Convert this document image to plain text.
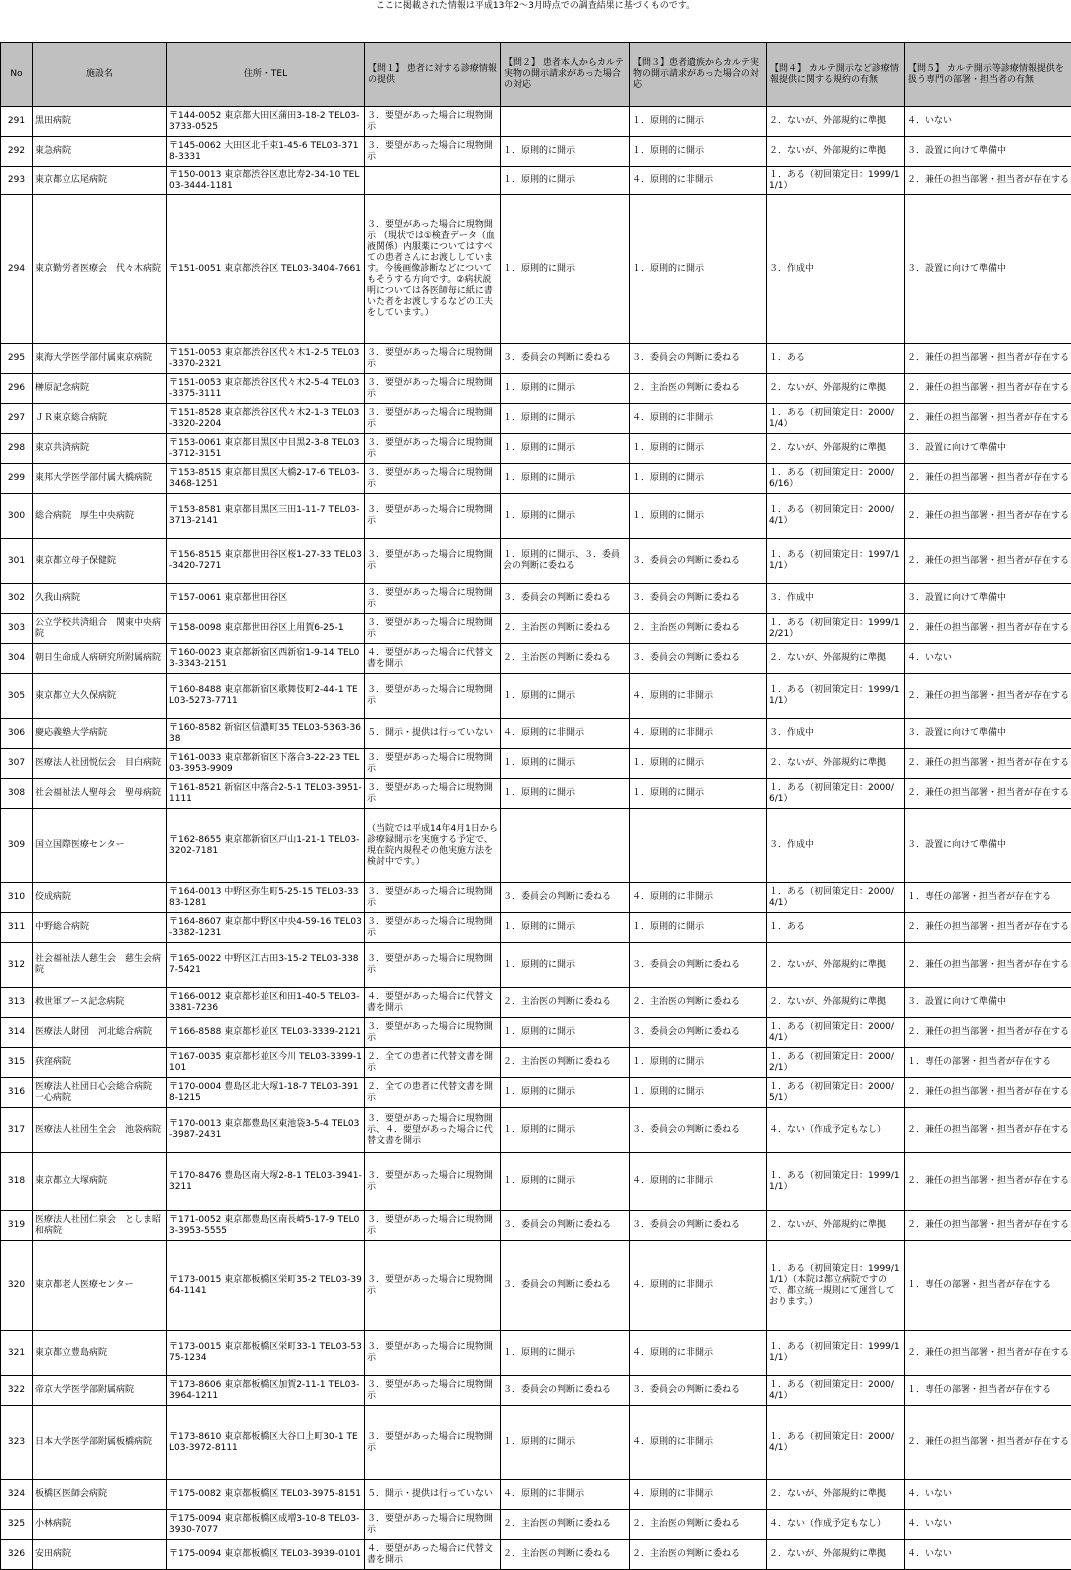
ここに掲載された情報は平成13年2～3月時点での調査結果に基づくものです。
No	施設名	住所・TEL	【問１】 患者に対する診療情報の提供	【問２】 患者本人からカルテ実物の開示請求があった場合の対応	【問３】患者遺族からカルテ実物の開示請求があった場合の対応	【問４】 カルテ開示など診療情報提供に関する規約の有無	【問５】 カルテ開示等診療情報提供を扱う専門の部署・担当者の有無
291	黒田病院	〒144-0052 東京都大田区蒲田3-18-2 TEL03-3733-0525	３．要望があった場合に現物開示		１．原則的に開示	２．ないが、外部規約に準拠	４．いない
292	東急病院	〒145-0062 大田区北千束1-45-6 TEL03-3718-3331	３．要望があった場合に現物開示	１．原則的に開示	１．原則的に開示	２．ないが、外部規約に準拠	３．設置に向けて準備中
293	東京都立広尾病院	〒150-0013 東京都渋谷区恵比寿2-34-10 TEL03-3444-1181		１．原則的に開示	４．原則的に非開示	１．ある（初回策定日：1999/11/1）	２．兼任の担当部署・担当者が存在する
294	東京勤労者医療会　代々木病院	〒151-0051 東京都渋谷区 TEL03-3404-7661	３．要望があった場合に現物開示 （現状では①検査データ（血液関係）内服薬についてはすべての患者さんにお渡ししています。今後画像診断などについてもそうする方向です。②病状説明については各医師毎に紙に書いた者をお渡しするなどの工夫をしています。）	１．原則的に開示	１．原則的に開示	３．作成中	３．設置に向けて準備中
295	東海大学医学部付属東京病院	〒151-0053 東京都渋谷区代々木1-2-5 TEL03-3370-2321	３．要望があった場合に現物開示	３．委員会の判断に委ねる	３．委員会の判断に委ねる	１．ある	２．兼任の担当部署・担当者が存在する
296	榊原記念病院	〒151-0053 東京都渋谷区代々木2-5-4 TEL03-3375-3111	３．要望があった場合に現物開示	１．原則的に開示	２．主治医の判断に委ねる	２．ないが、外部規約に準拠	２．兼任の担当部署・担当者が存在する
297	ＪＲ東京総合病院	〒151-8528 東京都渋谷区代々木2-1-3 TEL03-3320-2204	３．要望があった場合に現物開示	１．原則的に開示	４．原則的に非開示	１．ある（初回策定日：2000/1/4）	２．兼任の担当部署・担当者が存在する
298	東京共済病院	〒153-0061 東京都目黒区中目黒2-3-8 TEL03-3712-3151	３．要望があった場合に現物開示	１．原則的に開示	１．原則的に開示	２．ないが、外部規約に準拠	３．設置に向けて準備中
299	東邦大学医学部付属大橋病院	〒153-8515 東京都目黒区大橋2-17-6 TEL03-3468-1251	３．要望があった場合に現物開示	１．原則的に開示	１．原則的に開示	１．ある（初回策定日：2000/6/16）	２．兼任の担当部署・担当者が存在する
300	総合病院　厚生中央病院	〒153-8581 東京都目黒区三田1-11-7 TEL03-3713-2141	３．要望があった場合に現物開示	１．原則的に開示	１．原則的に開示	１．ある（初回策定日：2000/4/1）	２．兼任の担当部署・担当者が存在する
301	東京都立母子保健院	〒156-8515 東京都世田谷区桜1-27-33 TEL03-3420-7271	３．要望があった場合に現物開示	１．原則的に開示、３．委員会の判断に委ねる	３．委員会の判断に委ねる	１．ある（初回策定日：1997/11/1）	２．兼任の担当部署・担当者が存在する
302	久我山病院	〒157-0061 東京都世田谷区	３．要望があった場合に現物開示	３．委員会の判断に委ねる	３．委員会の判断に委ねる	３．作成中	３．設置に向けて準備中
303	公立学校共済組合　関東中央病院	〒158-0098 東京都世田谷区上用賀6-25-1	３．要望があった場合に現物開示	２．主治医の判断に委ねる	２．主治医の判断に委ねる	１．ある（初回策定日：1999/12/21）	２．兼任の担当部署・担当者が存在する
304	朝日生命成人病研究所附属病院	〒160-0023 東京都新宿区西新宿1-9-14 TEL03-3343-2151	４．要望があった場合に代替文書を開示	２．主治医の判断に委ねる	３．委員会の判断に委ねる	２．ないが、外部規約に準拠	４．いない
305	東京都立大久保病院	〒160-8488 東京都新宿区歌舞伎町2-44-1 TEL03-5273-7711	３．要望があった場合に現物開示	１．原則的に開示	４．原則的に非開示	１．ある（初回策定日：1999/11/1）	２．兼任の担当部署・担当者が存在する
306	慶応義塾大学病院	〒160-8582 新宿区信濃町35 TEL03-5363-3638	５．開示・提供は行っていない	４．原則的に非開示	４．原則的に非開示	３．作成中	３．設置に向けて準備中
307	医療法人社団悦伝会　目白病院	〒161-0033 東京都新宿区下落合3-22-23 TEL03-3953-9909	３．要望があった場合に現物開示	１．原則的に開示	１．原則的に開示	２．ないが、外部規約に準拠	２．兼任の担当部署・担当者が存在する
308	社会福祉法人聖母会　聖母病院	〒161-8521 新宿区中落合2-5-1 TEL03-3951-1111	３．要望があった場合に現物開示	１．原則的に開示	１．原則的に開示	１．ある（初回策定日：2000/6/1）	２．兼任の担当部署・担当者が存在する
309	国立国際医療センター	〒162-8655 東京都新宿区戸山1-21-1 TEL03-3202-7181	（当院では平成14年4月1日から診療録開示を実施する予定で、現在院内規程その他実施方法を検討中です。）			３．作成中	３．設置に向けて準備中
310	佼成病院	〒164-0013 中野区弥生町5-25-15 TEL03-3383-1281	３．要望があった場合に現物開示	３．委員会の判断に委ねる	４．原則的に非開示	１．ある（初回策定日：2000/4/1）	１．専任の部署・担当者が存在する
311	中野総合病院	〒164-8607 東京都中野区中央4-59-16 TEL03-3382-1231	３．要望があった場合に現物開示	１．原則的に開示	１．原則的に開示	１．ある	２．兼任の担当部署・担当者が存在する
312	社会福祉法人慈生会　慈生会病院	〒165-0022 中野区江古田3-15-2 TEL03-3387-5421	３．要望があった場合に現物開示	１．原則的に開示	３．委員会の判断に委ねる	２．ないが、外部規約に準拠	２．兼任の担当部署・担当者が存在する
313	救世軍ブース記念病院	〒166-0012 東京都杉並区和田1-40-5 TEL03-3381-7236	４．要望があった場合に代替文書を開示	２．主治医の判断に委ねる	２．主治医の判断に委ねる	２．ないが、外部規約に準拠	３．設置に向けて準備中
314	医療法人財団　河北総合病院	〒166-8588 東京都杉並区 TEL03-3339-2121	３．要望があった場合に現物開示	１．原則的に開示	３．委員会の判断に委ねる	１．ある（初回策定日：2000/4/1）	２．兼任の担当部署・担当者が存在する
315	荻窪病院	〒167-0035 東京都杉並区今川 TEL03-3399-1101	２．全ての患者に代替文書を開示	２．主治医の判断に委ねる	１．原則的に開示	１．ある（初回策定日：2000/2/1）	１．専任の部署・担当者が存在する
316	医療法人社団日心会総合病院　一心病院	〒170-0004 豊島区北大塚1-18-7 TEL03-3918-1215	２．全ての患者に代替文書を開示	１．原則的に開示	１．原則的に開示	１．ある（初回策定日：2000/5/1）	２．兼任の担当部署・担当者が存在する
317	医療法人社団生全会　池袋病院	〒170-0013 東京都豊島区東池袋3-5-4 TEL03-3987-2431	３．要望があった場合に現物開示、４．要望があった場合に代替文書を開示	１．原則的に開示	３．委員会の判断に委ねる	４．ない（作成予定もなし）	２．兼任の担当部署・担当者が存在する
318	東京都立大塚病院	〒170-8476 豊島区南大塚2-8-1 TEL03-3941-3211	３．要望があった場合に現物開示	１．原則的に開示	４．原則的に非開示	１．ある（初回策定日：1999/11/1）	２．兼任の担当部署・担当者が存在する
319	医療法人社団仁泉会　としま昭和病院	〒171-0052 東京都豊島区南長崎5-17-9 TEL03-3953-5555	３．要望があった場合に現物開示	３．委員会の判断に委ねる	３．委員会の判断に委ねる	２．ないが、外部規約に準拠	２．兼任の担当部署・担当者が存在する
320	東京都老人医療センター	〒173-0015 東京都板橋区栄町35-2 TEL03-3964-1141	３．要望があった場合に現物開示	３．委員会の判断に委ねる	４．原則的に非開示	１．ある（初回策定日：1999/11/1）（本院は都立病院ですので、都立統一規則にて運営しております。）	１．専任の部署・担当者が存在する
321	東京都立豊島病院	〒173-0015 東京都板橋区栄町33-1 TEL03-5375-1234	３．要望があった場合に現物開示	１．原則的に開示	４．原則的に非開示	１．ある（初回策定日：1999/11/1）	２．兼任の担当部署・担当者が存在する
322	帝京大学医学部附属病院	〒173-8606 東京都板橋区加賀2-11-1 TEL03-3964-1211	３．要望があった場合に現物開示	３．委員会の判断に委ねる	３．委員会の判断に委ねる	１．ある（初回策定日：2000/4/1）	１．専任の部署・担当者が存在する
323	日本大学医学部附属板橋病院	〒173-8610 東京都板橋区大谷口上町30-1 TEL03-3972-8111	３．要望があった場合に現物開示	１．原則的に開示	４．原則的に非開示	１．ある（初回策定日：2000/4/1）	２．兼任の担当部署・担当者が存在する
324	板橋区医師会病院	〒175-0082 東京都板橋区 TEL03-3975-8151	５．開示・提供は行っていない	４．原則的に非開示	４．原則的に非開示	２．ないが、外部規約に準拠	４．いない
325	小林病院	〒175-0094 東京都板橋区成増3-10-8 TEL03-3930-7077	３．要望があった場合に現物開示	２．主治医の判断に委ねる	２．主治医の判断に委ねる	４．ない（作成予定もなし）	４．いない
326	安田病院	〒175-0094 東京都板橋区 TEL03-3939-0101	４．要望があった場合に代替文書を開示	２．主治医の判断に委ねる	２．主治医の判断に委ねる	２．ないが、外部規約に準拠	４．いない
